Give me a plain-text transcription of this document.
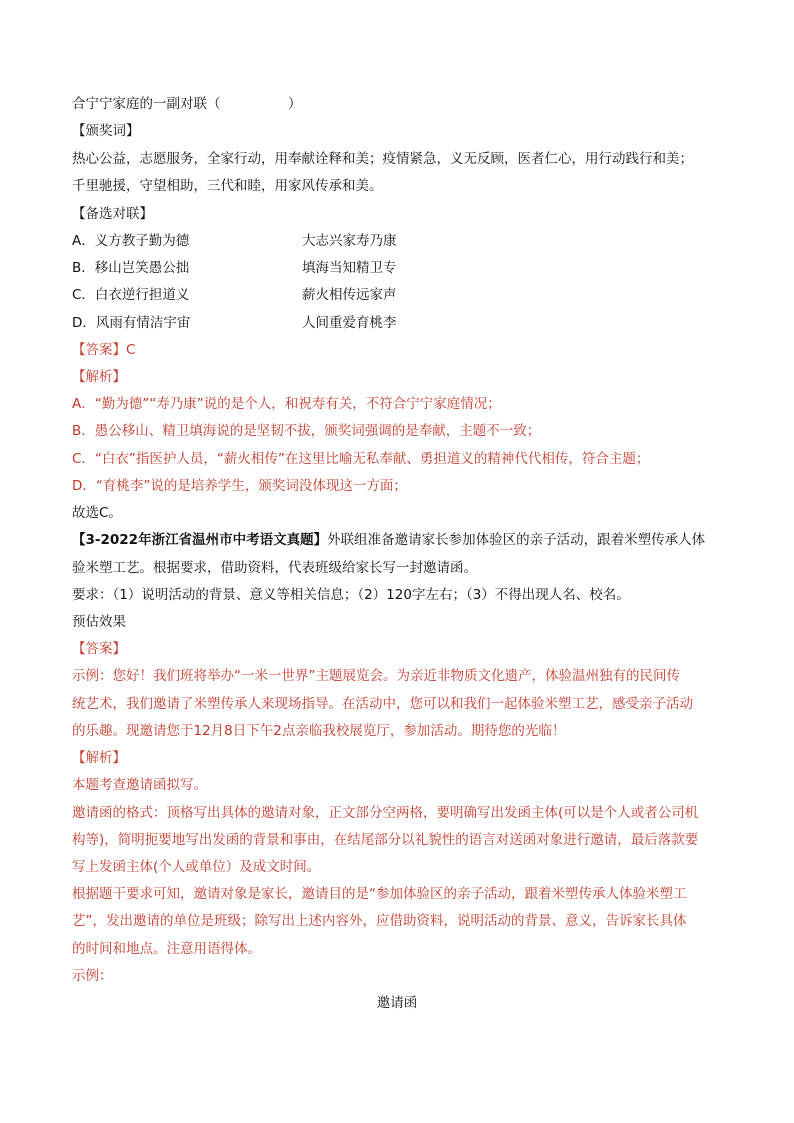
合宁宁家庭的一副对联（　　　　　）
【颁奖词】
热心公益，志愿服务，全家行动，用奉献诠释和美；疫情紧急，义无反顾，医者仁心，用行动践行和美；
千里驰援，守望相助，三代和睦，用家风传承和美。
【备选对联】
A．义方教子勤为德	大志兴家寿乃康
B．移山岂笑愚公拙	填海当知精卫专
C．白衣逆行担道义	薪火相传远家声
D．风雨有情洁宇宙	人间重爱育桃李
【答案】C
【解析】
A．“勤为德”“寿乃康”说的是个人，和祝寿有关，不符合宁宁家庭情况；
B．愚公移山、精卫填海说的是坚韧不拔，颁奖词强调的是奉献，主题不一致；
C．“白衣”指医护人员，“薪火相传”在这里比喻无私奉献、勇担道义的精神代代相传，符合主题；
D．“育桃李”说的是培养学生，颁奖词没体现这一方面；
故选C。
【3-2022年浙江省温州市中考语文真题】外联组准备邀请家长参加体验区的亲子活动，跟着米塑传承人体
验米塑工艺。根据要求，借助资料，代表班级给家长写一封邀请函。
要求：（1）说明活动的背景、意义等相关信息；（2）120字左右；（3）不得出现人名、校名。
预估效果
【答案】
示例：您好！我们班将举办“一米一世界”主题展览会。为亲近非物质文化遗产，体验温州独有的民间传
统艺术，我们邀请了米塑传承人来现场指导。在活动中，您可以和我们一起体验米塑工艺，感受亲子活动
的乐趣。现邀请您于12月8日下午2点亲临我校展览厅，参加活动。期待您的光临！
【解析】
本题考查邀请函拟写。
邀请函的格式：顶格写出具体的邀请对象，正文部分空两格，要明确写出发函主体(可以是个人或者公司机
构等)，简明扼要地写出发函的背景和事由，在结尾部分以礼貌性的语言对送函对象进行邀请，最后落款要
写上发函主体(个人或单位）及成文时间。
根据题干要求可知，邀请对象是家长，邀请目的是“参加体验区的亲子活动，跟着米塑传承人体验米塑工
艺”，发出邀请的单位是班级；除写出上述内容外，应借助资料，说明活动的背景、意义，告诉家长具体
的时间和地点。注意用语得体。
示例：
邀请函
